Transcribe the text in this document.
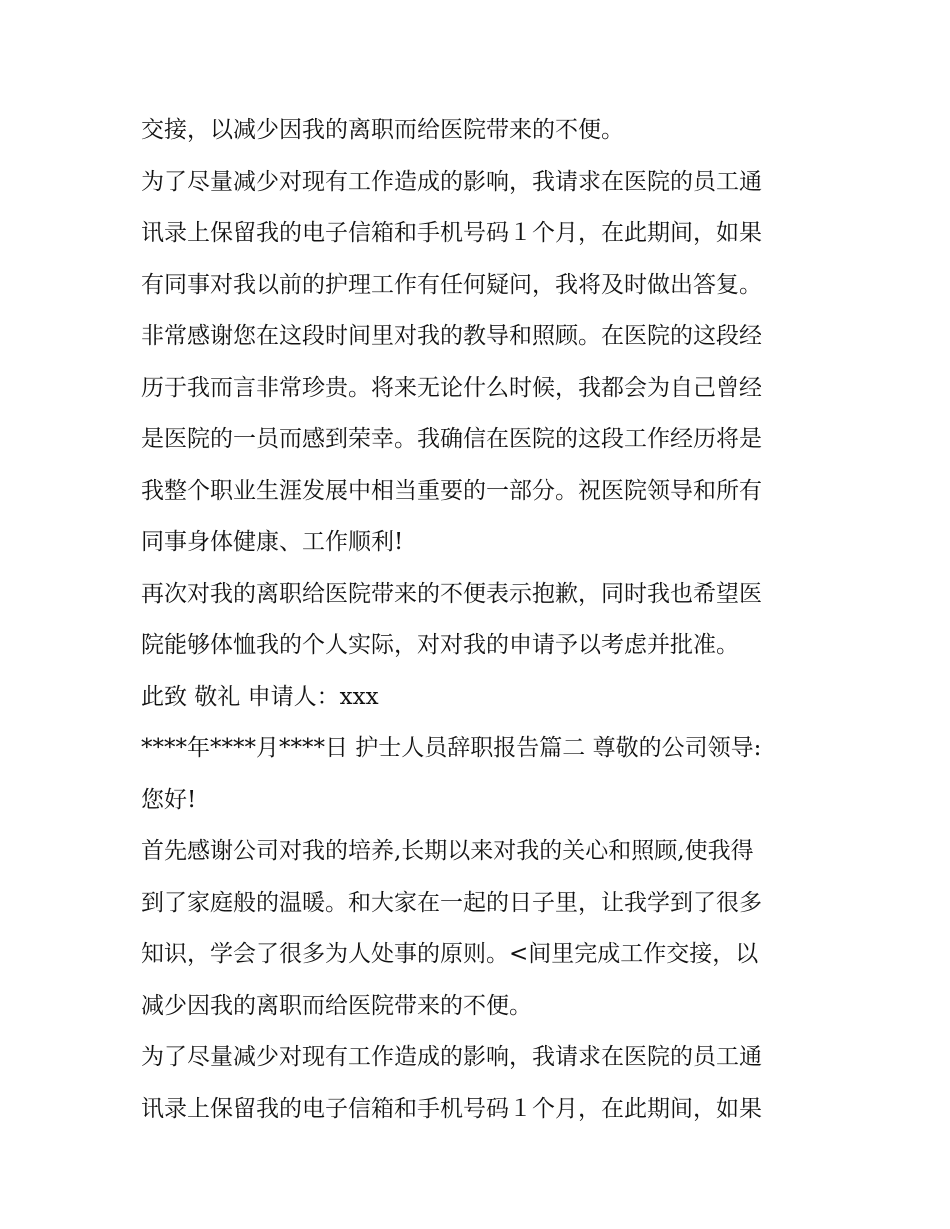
交接，以减少因我的离职而给医院带来的不便。
为了尽量减少对现有工作造成的影响，我请求在医院的员工通
讯录上保留我的电子信箱和手机号码１个月，在此期间，如果
有同事对我以前的护理工作有任何疑问，我将及时做出答复。
非常感谢您在这段时间里对我的教导和照顾。在医院的这段经
历于我而言非常珍贵。将来无论什么时候，我都会为自己曾经
是医院的一员而感到荣幸。我确信在医院的这段工作经历将是
我整个职业生涯发展中相当重要的一部分。祝医院领导和所有
同事身体健康、工作顺利!
再次对我的离职给医院带来的不便表示抱歉，同时我也希望医
院能够体恤我的个人实际，对对我的申请予以考虑并批准。
此致 敬礼 申请人：xxx
****年****月****日 护士人员辞职报告篇二 尊敬的公司领导:
您好!
首先感谢公司对我的培养,长期以来对我的关心和照顾,使我得
到了家庭般的温暖。和大家在一起的日子里，让我学到了很多
知识，学会了很多为人处事的原则。<间里完成工作交接，以
减少因我的离职而给医院带来的不便。
为了尽量减少对现有工作造成的影响，我请求在医院的员工通
讯录上保留我的电子信箱和手机号码１个月，在此期间，如果
